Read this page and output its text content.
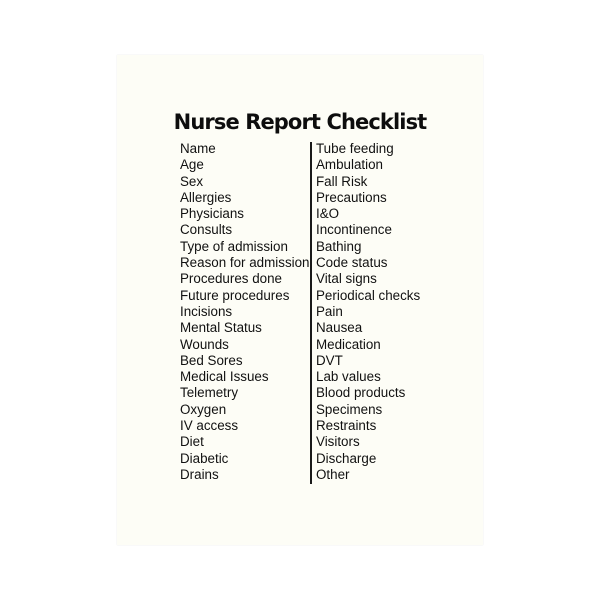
Nurse Report Checklist
Name
Age
Sex
Allergies
Physicians
Consults
Type of admission
Reason for admission
Procedures done
Future procedures
Incisions
Mental Status
Wounds
Bed Sores
Medical Issues
Telemetry
Oxygen
IV access
Diet
Diabetic
Drains
Tube feeding
Ambulation
Fall Risk
Precautions
I&O
Incontinence
Bathing
Code status
Vital signs
Periodical checks
Pain
Nausea
Medication
DVT
Lab values
Blood products
Specimens
Restraints
Visitors
Discharge
Other
